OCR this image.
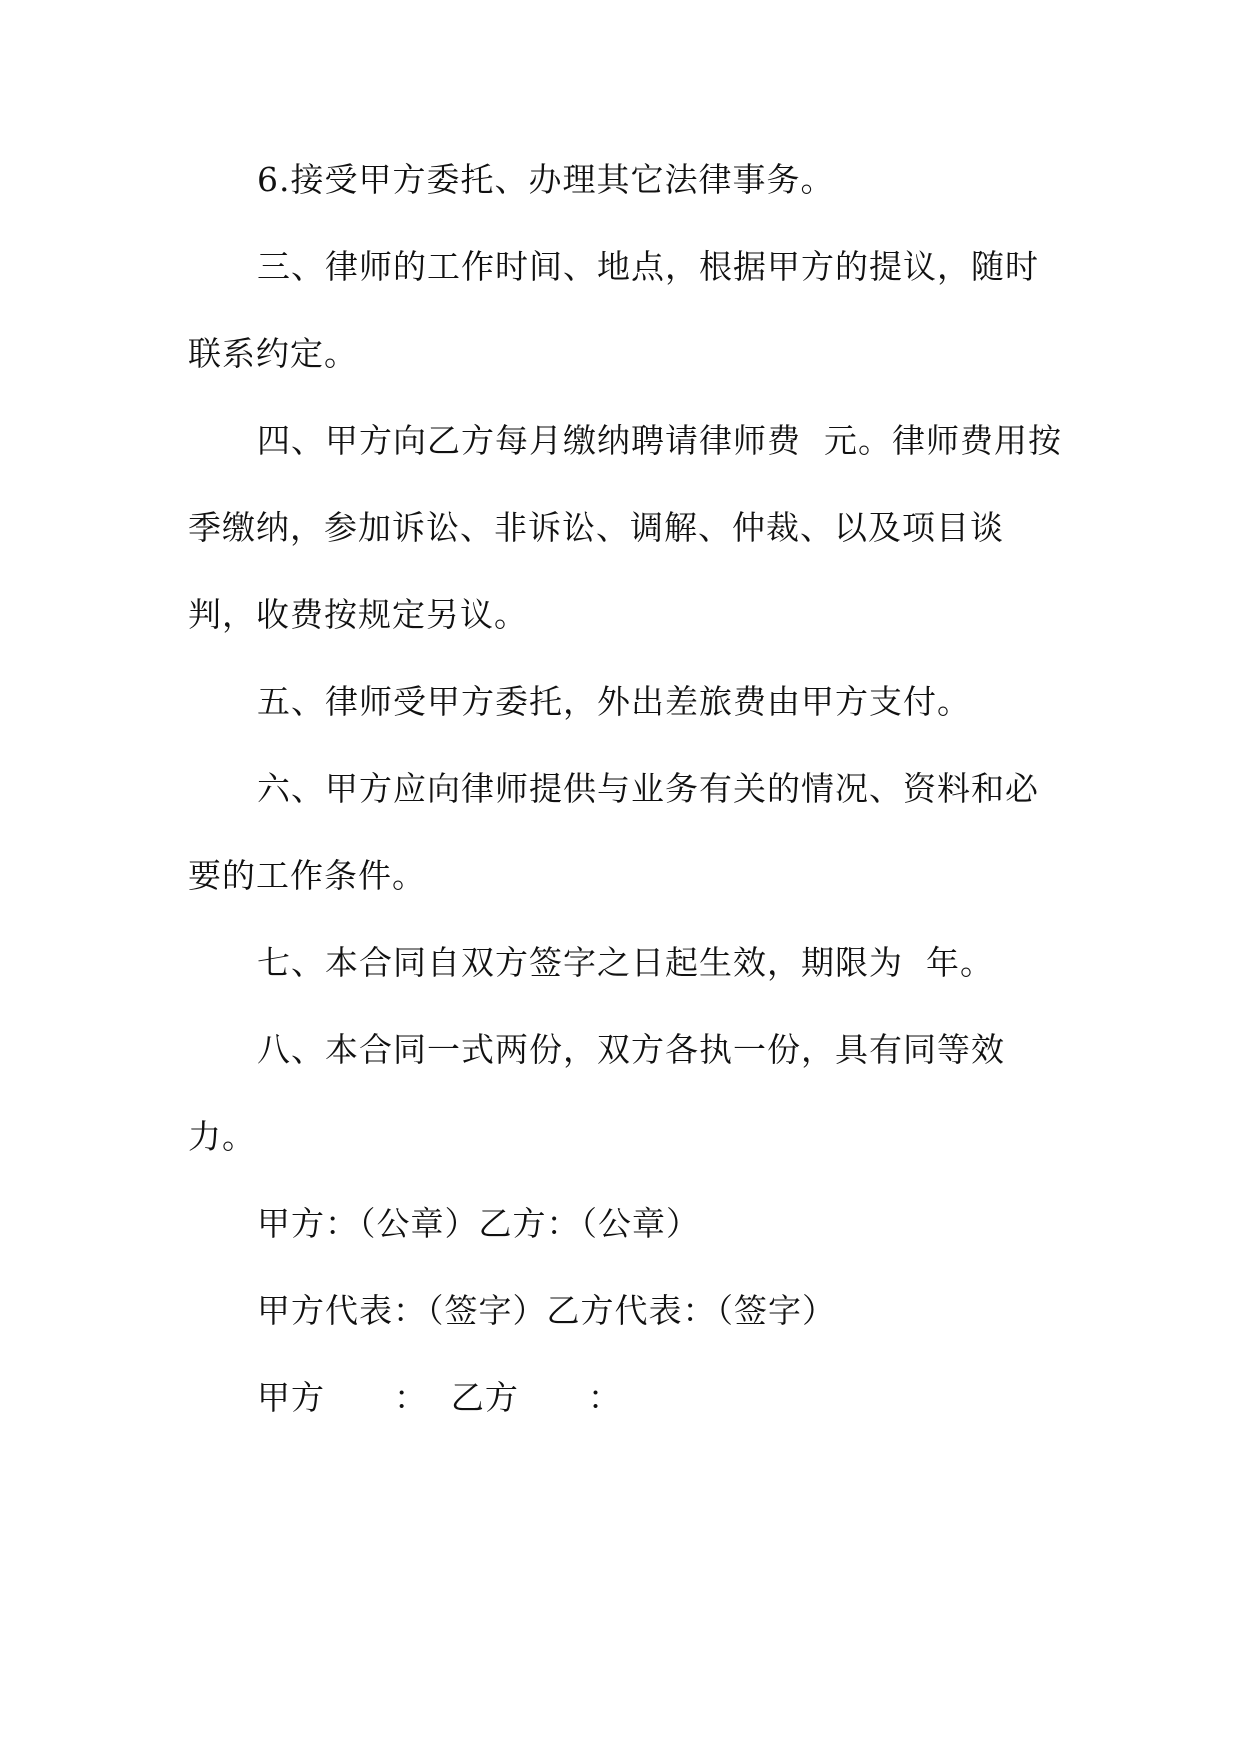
6.接受甲方委托、办理其它法律事务。
三、律师的工作时间、地点，根据甲方的提议，随时
联系约定。
四、甲方向乙方每月缴纳聘请律师费  元。律师费用按
季缴纳，参加诉讼、非诉讼、调解、仲裁、以及项目谈
判，收费按规定另议。
五、律师受甲方委托，外出差旅费由甲方支付。
六、甲方应向律师提供与业务有关的情况、资料和必
要的工作条件。
七、本合同自双方签字之日起生效，期限为  年。
八、本合同一式两份，双方各执一份，具有同等效
力。
甲方：（公章）乙方：（公章）
甲方代表：（签字）乙方代表：（签字）
甲方      ：  乙方      ：
